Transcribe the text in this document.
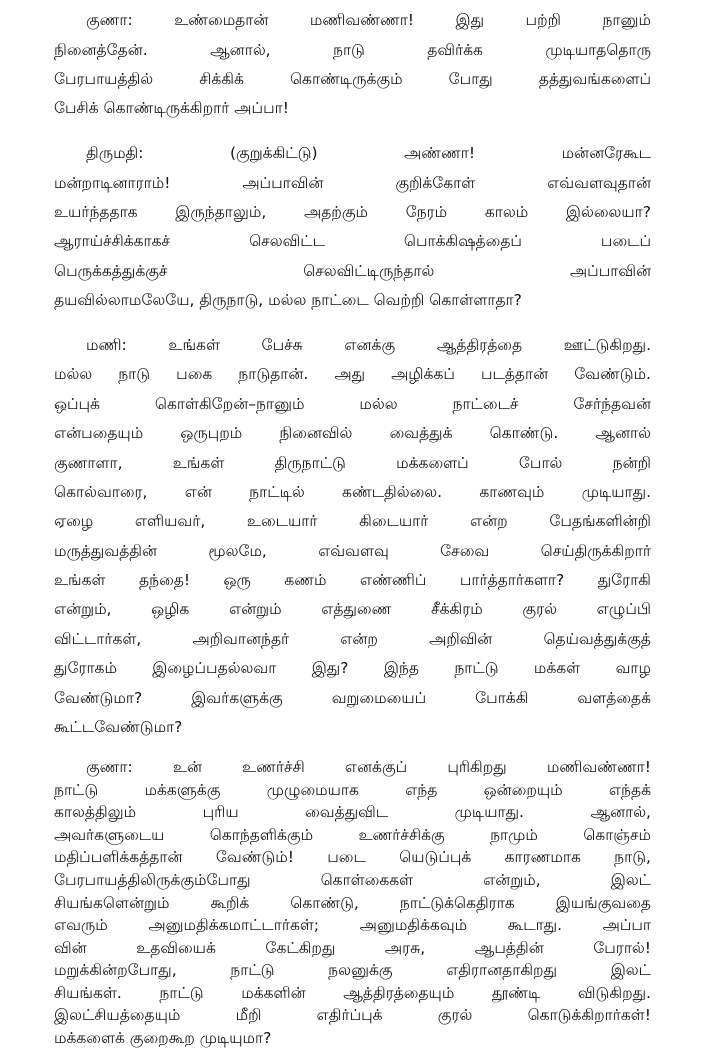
குணா: உண்மைதான் மணிவண்ணா! இது பற்றி நானும்
நினைத்தேன். ஆனால், நாடு தவிர்க்க முடியாததொரு
பேரபாயத்தில் சிக்கிக் கொண்டிருக்கும் போது தத்துவங்களைப்
பேசிக் கொண்டிருக்கிறார் அப்பா!
திருமதி: (குறுக்கிட்டு) அண்ணா! மன்னரேகூட
மன்றாடினாராம்! அப்பாவின் குறிக்கோள் எவ்வளவுதான்
உயர்ந்ததாக இருந்தாலும், அதற்கும் நேரம் காலம் இல்லையா?
ஆராய்ச்சிக்காகச் செலவிட்ட பொக்கிஷத்தைப் படைப்
பெருக்கத்துக்குச் செலவிட்டிருந்தால் அப்பாவின்
தயவில்லாமலேயே, திருநாடு, மல்ல நாட்டை வெற்றி கொள்ளாதா?
மணி: உங்கள் பேச்சு எனக்கு ஆத்திரத்தை ஊட்டுகிறது.
மல்ல நாடு பகை நாடுதான். அது அழிக்கப் படத்தான் வேண்டும்.
ஒப்புக் கொள்கிறேன்–நானும் மல்ல நாட்டைச் சேர்ந்தவன்
என்பதையும் ஒருபுறம் நினைவில் வைத்துக் கொண்டு. ஆனால்
குணாளா, உங்கள் திருநாட்டு மக்களைப் போல் நன்றி
கொல்வாரை, என் நாட்டில் கண்டதில்லை. காணவும் முடியாது.
ஏழை எளியவர், உடையார் கிடையார் என்ற பேதங்களின்றி
மருத்துவத்தின் மூலமே, எவ்வளவு சேவை செய்திருக்கிறார்
உங்கள் தந்தை! ஒரு கணம் எண்ணிப் பார்த்தார்களா? துரோகி
என்றும், ஒழிக என்றும் எத்துணை சீக்கிரம் குரல் எழுப்பி
விட்டார்கள், அறிவானந்தர் என்ற அறிவின் தெய்வத்துக்குத்
துரோகம் இழைப்பதல்லவா இது? இந்த நாட்டு மக்கள் வாழ
வேண்டுமா? இவர்களுக்கு வறுமையைப் போக்கி வளத்தைக்
கூட்டவேண்டுமா?
குணா: உன் உணர்ச்சி எனக்குப் புரிகிறது மணிவண்ணா!
நாட்டு மக்களுக்கு முழுமையாக எந்த ஒன்றையும் எந்தக்
காலத்திலும் புரிய வைத்துவிட முடியாது. ஆனால்,
அவர்களுடைய கொந்தளிக்கும் உணர்ச்சிக்கு நாமும் கொஞ்சம்
மதிப்பளிக்கத்தான் வேண்டும்! படை யெடுப்புக் காரணமாக நாடு,
பேரபாயத்திலிருக்கும்போது கொள்கைகள் என்றும், இலட்
சியங்களென்றும் கூறிக் கொண்டு, நாட்டுக்கெதிராக இயங்குவதை
எவரும் அனுமதிக்கமாட்டார்கள்; அனுமதிக்கவும் கூடாது. அப்பா
வின் உதவியைக் கேட்கிறது அரசு, ஆபத்தின் பேரால்!
மறுக்கின்றபோது, நாட்டு நலனுக்கு எதிரானதாகிறது இலட்
சியங்கள். நாட்டு மக்களின் ஆத்திரத்தையும் தூண்டி விடுகிறது.
இலட்சியத்தையும் மீறி எதிர்ப்புக் குரல் கொடுக்கிறார்கள்!
மக்களைக் குறைகூற முடியுமா?
